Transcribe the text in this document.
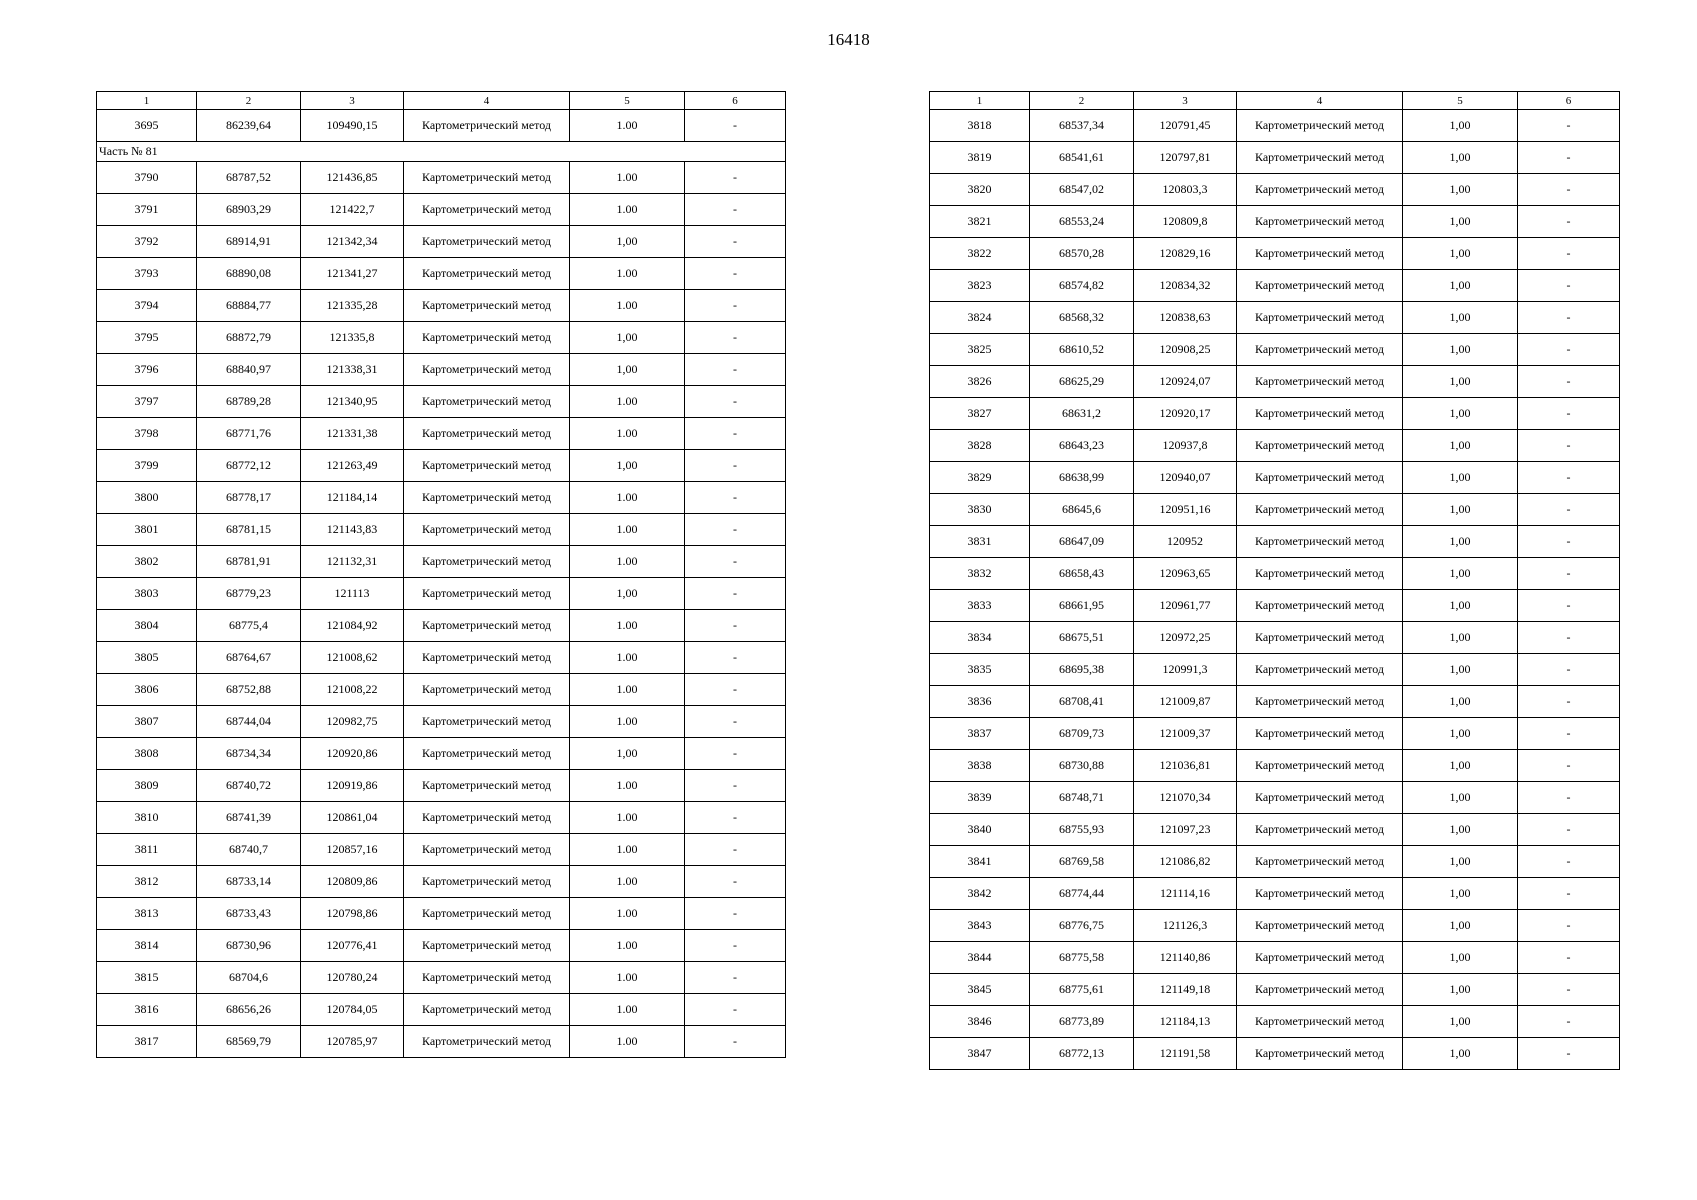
16418
1	2	3	4	5	6
3695	86239,64	109490,15	Картометрический метод	1.00	-
Часть № 81					
3790	68787,52	121436,85	Картометрический метод	1.00	-
3791	68903,29	121422,7	Картометрический метод	1.00	-
3792	68914,91	121342,34	Картометрический метод	1,00	-
3793	68890,08	121341,27	Картометрический метод	1.00	-
3794	68884,77	121335,28	Картометрический метод	1.00	-
3795	68872,79	121335,8	Картометрический метод	1,00	-
3796	68840,97	121338,31	Картометрический метод	1,00	-
3797	68789,28	121340,95	Картометрический метод	1.00	-
3798	68771,76	121331,38	Картометрический метод	1.00	-
3799	68772,12	121263,49	Картометрический метод	1,00	-
3800	68778,17	121184,14	Картометрический метод	1.00	-
3801	68781,15	121143,83	Картометрический метод	1.00	-
3802	68781,91	121132,31	Картометрический метод	1.00	-
3803	68779,23	121113	Картометрический метод	1,00	-
3804	68775,4	121084,92	Картометрический метод	1.00	-
3805	68764,67	121008,62	Картометрический метод	1.00	-
3806	68752,88	121008,22	Картометрический метод	1.00	-
3807	68744,04	120982,75	Картометрический метод	1.00	-
3808	68734,34	120920,86	Картометрический метод	1,00	-
3809	68740,72	120919,86	Картометрический метод	1.00	-
3810	68741,39	120861,04	Картометрический метод	1.00	-
3811	68740,7	120857,16	Картометрический метод	1.00	-
3812	68733,14	120809,86	Картометрический метод	1.00	-
3813	68733,43	120798,86	Картометрический метод	1.00	-
3814	68730,96	120776,41	Картометрический метод	1.00	-
3815	68704,6	120780,24	Картометрический метод	1.00	-
3816	68656,26	120784,05	Картометрический метод	1.00	-
3817	68569,79	120785,97	Картометрический метод	1.00	-
1	2	3	4	5	6
3818	68537,34	120791,45	Картометрический метод	1,00	-
3819	68541,61	120797,81	Картометрический метод	1,00	-
3820	68547,02	120803,3	Картометрический метод	1,00	-
3821	68553,24	120809,8	Картометрический метод	1,00	-
3822	68570,28	120829,16	Картометрический метод	1,00	-
3823	68574,82	120834,32	Картометрический метод	1,00	-
3824	68568,32	120838,63	Картометрический метод	1,00	-
3825	68610,52	120908,25	Картометрический метод	1,00	-
3826	68625,29	120924,07	Картометрический метод	1,00	-
3827	68631,2	120920,17	Картометрический метод	1,00	-
3828	68643,23	120937,8	Картометрический метод	1,00	-
3829	68638,99	120940,07	Картометрический метод	1,00	-
3830	68645,6	120951,16	Картометрический метод	1,00	-
3831	68647,09	120952	Картометрический метод	1,00	-
3832	68658,43	120963,65	Картометрический метод	1,00	-
3833	68661,95	120961,77	Картометрический метод	1,00	-
3834	68675,51	120972,25	Картометрический метод	1,00	-
3835	68695,38	120991,3	Картометрический метод	1,00	-
3836	68708,41	121009,87	Картометрический метод	1,00	-
3837	68709,73	121009,37	Картометрический метод	1,00	-
3838	68730,88	121036,81	Картометрический метод	1,00	-
3839	68748,71	121070,34	Картометрический метод	1,00	-
3840	68755,93	121097,23	Картометрический метод	1,00	-
3841	68769,58	121086,82	Картометрический метод	1,00	-
3842	68774,44	121114,16	Картометрический метод	1,00	-
3843	68776,75	121126,3	Картометрический метод	1,00	-
3844	68775,58	121140,86	Картометрический метод	1,00	-
3845	68775,61	121149,18	Картометрический метод	1,00	-
3846	68773,89	121184,13	Картометрический метод	1,00	-
3847	68772,13	121191,58	Картометрический метод	1,00	-
